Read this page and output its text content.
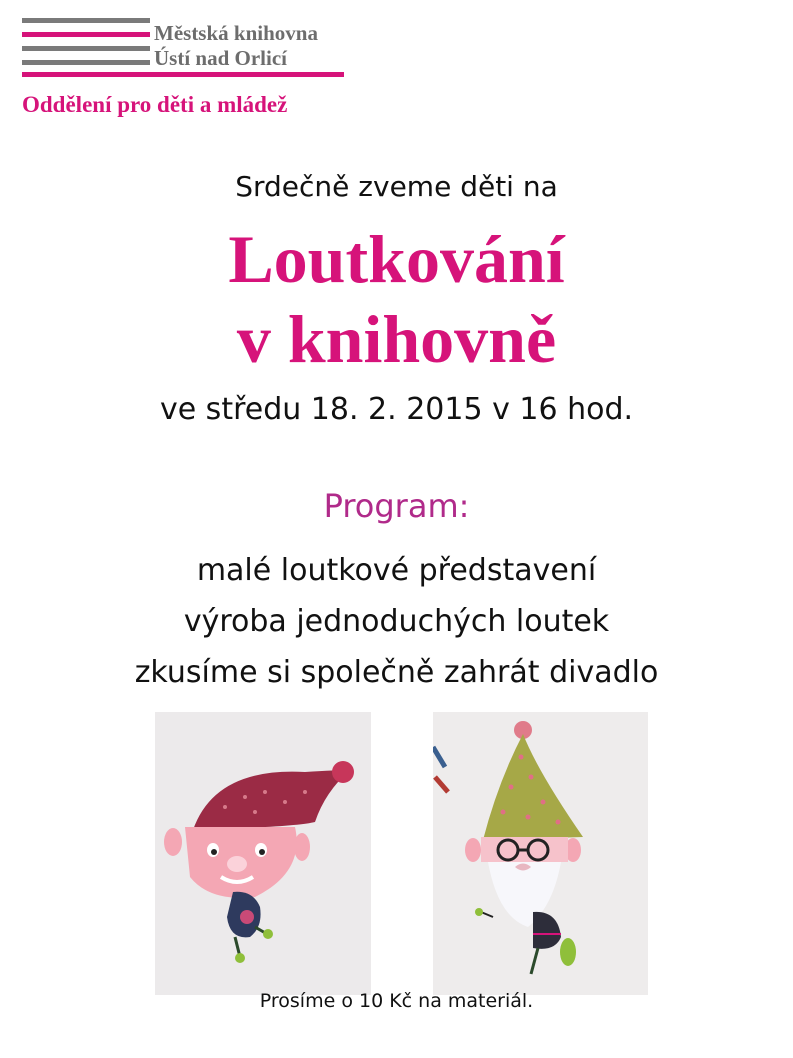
Městská knihovna
Ústí nad Orlicí
Oddělení pro děti a mládež
Srdečně zveme děti na
Loutkování
v knihovně
ve středu 18. 2. 2015 v 16 hod.
Program:
malé loutkové představení
výroba jednoduchých loutek
zkusíme si společně zahrát divadlo
Prosíme o 10 Kč na materiál.
